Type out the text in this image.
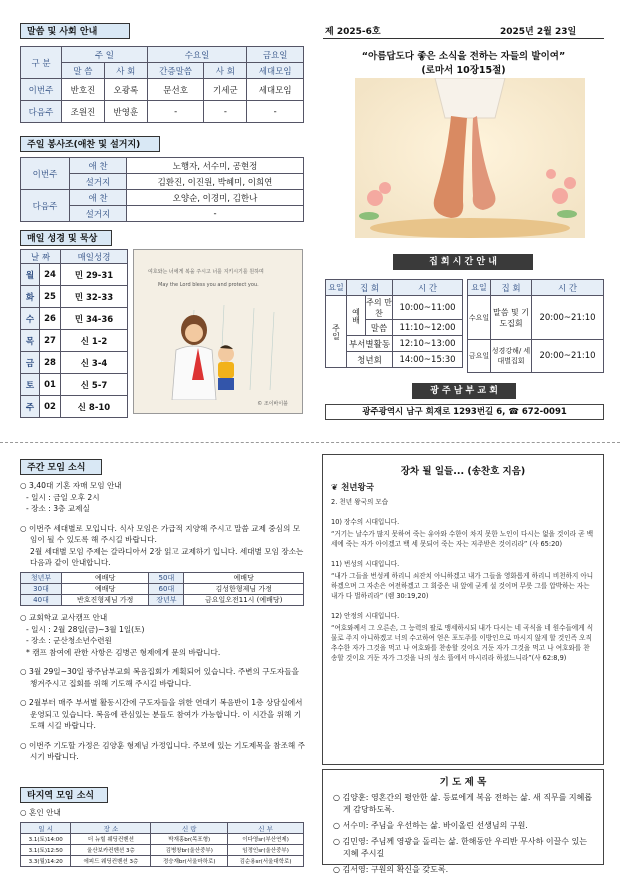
말씀 및 사회 안내
구 분	주 일		수요일		금요일
	말 씀	사 회	간증말씀	사 회	세대모임
이번주	반호진	오광록	문선호	기세군	세대모임
다음주	조원진	반영훈	-	-	-
주일 봉사조(애찬 및 설거지)
이번주	애 찬	노행자, 서수미, 공현정
	설거지	김환진, 이진원, 박혜미, 이희연
다음주	애 찬	오양순, 이경미, 김한나
	설거지	-
매일 성경 및 묵상
날 짜		매일성경
월	24	민 29-31
화	25	민 32-33
수	26	민 34-36
목	27	신 1-2
금	28	신 3-4
토	01	신 5-7
주	02	신 8-10
여호와는 너에게 복을 주시고 너를 지키시기를 원하며
May the Lord bless you and protect you.
© 조이바이블
제 2025-6호	2025년 2월 23일
“아름답도다 좋은 소식을 전하는 자들의 발이여”
(로마서 10장15절)
집 회 시 간 안 내
요일	집 회		시 간
주일	예배	주의 만찬	10:00~11:00
		말씀	11:10~12:00
	부서별활동		12:10~13:00
	청년회		14:00~15:30
요일	집 회	시 간
수요일	말씀 및 기도집회	20:00~21:10
금요일	성경강해/ 세대별집회	20:00~21:10
광 주 남 부 교 회
광주광역시 남구 회재로 1293번길 6, ☎ 672-0091
주간 모임 소식
○ 3,40대 기혼 자매 모임 안내
- 일시 : 금일 오후 2시
- 장소 : 3층 교제실
○ 이번주 세대별로 모입니다. 식사 모임은 가급적 지양해 주시고 말씀 교제 중심의 모임이 될 수 있도록 해 주시길 바랍니다.
2월 세대별 모임 주제는 갈라디아서 2장 읽고 교제하기 입니다. 세대별 모임 장소는 다음과 같이 안내합니다.
청년부	예배당	50대	예배당
30대	예배당	60대	김성한형제님 가정
40대	반호진형제님 가정	장년부	금요일오전11시 (예배당)
○ 교회학교 교사캠프 안내
- 일시 : 2월 28일(금)~3월 1일(토)
- 장소 : 군산청소년수련원
* 캠프 참여에 관한 사항은 김병곤 형제에게 문의 바랍니다.
○ 3월 29일~30일 광주남부교회 복음집회가 계획되어 있습니다. 주변의 구도자들을 챙겨주시고 집회를 위해 기도해 주시길 바랍니다.
○ 2월부터 매주 부서별 활동시간에 구도자들을 위한 연대기 복음반이 1층 상담실에서 운영되고 있습니다. 복음에 관심있는 분들도 참여가 가능합니다. 이 시간을 위해 기도해 시길 바랍니다.
○ 이번주 기도할 가정은 김양훈 형제님 가정입니다. 주보에 있는 기도제목을 참조해 주시기 바랍니다.
타지역 모임 소식
○ 혼인 안내
일 시	장 소	신 랑	신 부
3.1(토)14:00	더 뉴힐 웨딩컨벤션	박재홍br(목포형)	이다영sr(부산연제)
3.1(토)12:50	울산보카컨벤션 3층	김병창br(울산중부)	임정인sr(울산중부)
3.3(월)14:20	에피드 웨딩컨벤션 3층	정승재br(서울마하로)	김순용sr(서울대학로)
장차 될 일들... (송찬호 지음)
❦ 천년왕국
2. 천년 왕국의 모습
10) 장수의 시대입니다.
“거기는 날수가 많지 못하여 죽는 유아와 수한이 차지 못한 노인이 다시는 없을 것이라 곧 백 세에 죽는 자가 아이겠고 백 세 못되어 죽는 자는 저주받은 것이리라” (사 65:20)
11) 번성의 시대입니다.
“내가 그들을 번성케 하리니 쇠잔치 아니하겠고 내가 그들을 영화롭게 하리니 비천하지 아니하겠으며 그 자손은 여전하겠고 그 회중은 내 앞에 굳게 설 것이며 무릇 그를 압박하는 자는 내가 다 벌하리라” (렘 30:19,20)
12) 안정의 시대입니다.
“여호와께서 그 오른손, 그 능력의 팔로 맹세하시되 내가 다시는 네 곡식을 네 원수들에게 식물로 주지 아니하겠고 너의 수고하여 얻은 포도주를 이방인으로 마시지 않게 할 것인즉 오직 추수한 자가 그것을 먹고 나 여호와를 찬송할 것이요 거둔 자가 그것을 먹고 나 여호와를 찬송할 것이요 거둔 자가 그것을 나의 성소 뜰에서 마시리라 하셨느니라”(사 62:8,9)
기 도 제 목
○ 김양훈: 영혼간의 평안한 삶. 등료에게 복음 전하는 삶. 새 직무를 지혜롭게 감당하도록.
○ 서수미: 주님을 우선하는 삶. 바이올린 선생님의 구원.
○ 김민영: 주님께 영광을 돌리는 삶. 한해동안 우리반 무사하 이끌수 있는 지혜 주시길
○ 김서영: 구원의 확신을 갖도록.
